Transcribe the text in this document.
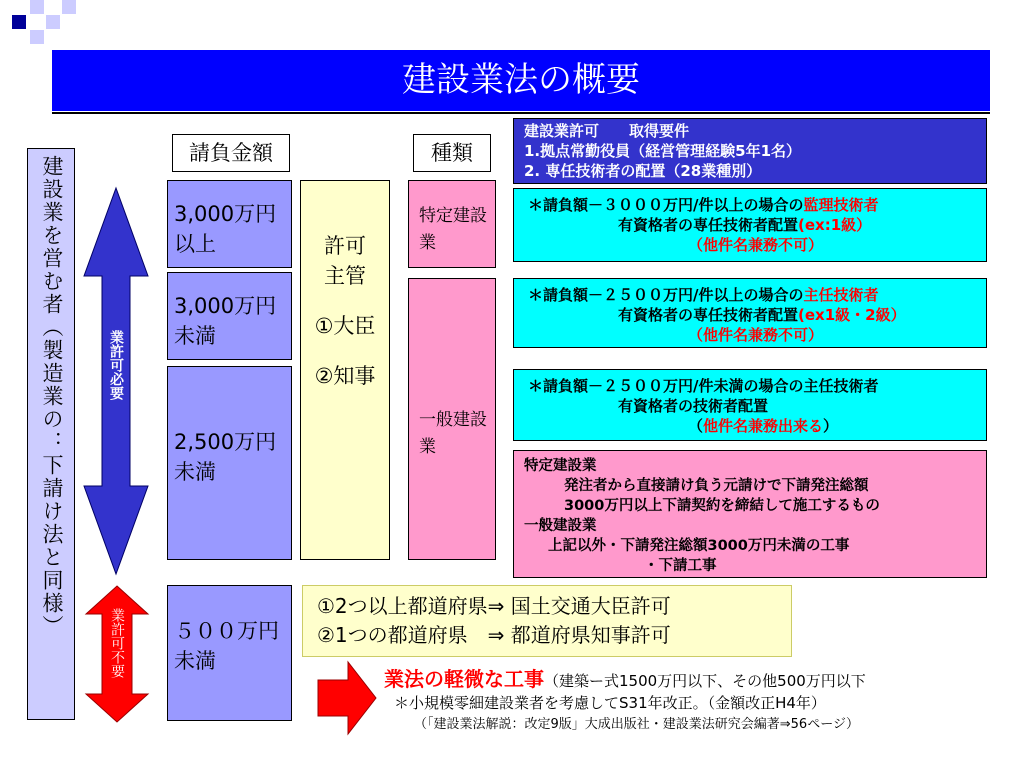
建設業法の概要
建設業を営む者（製造業の：下請け法と同様）
請負金額	種類
業許可必要
業許可不要
3,000万円以上
3,000万円未満
2,500万円未満
５００万円未満
許可
主管
①大臣
②知事
特定建設業
一般建設業
建設業許可　　取得要件
1.拠点常勤役員（経営管理経験5年1名）
2. 専任技術者の配置（28業種別）
＊請負額－３０００万円/件以上の場合の監理技術者
有資格者の専任技術者配置(ex:1級）
（他件名兼務不可）
＊請負額－２５００万円/件以上の場合の主任技術者
有資格者の専任技術者配置(ex1級・2級）
（他件名兼務不可）
＊請負額－２５００万円/件未満の場合の主任技術者
有資格者の技術者配置
（他件名兼務出来る）
特定建設業
発注者から直接請け負う元請けで下請発注総額
3000万円以上下請契約を締結して施工するもの
一般建設業
上記以外・下請発注総額3000万円未満の工事
・下請工事
①2つ以上都道府県⇒ 国土交通大臣許可
②1つの都道府県　⇒ 都道府県知事許可
業法の軽微な工事（建築ー式1500万円以下、その他500万円以下
＊小規模零細建設業者を考慮してS31年改正。（金額改正H4年）
（「建設業法解説：改定9版」大成出版社・建設業法研究会編著⇒56ページ）
